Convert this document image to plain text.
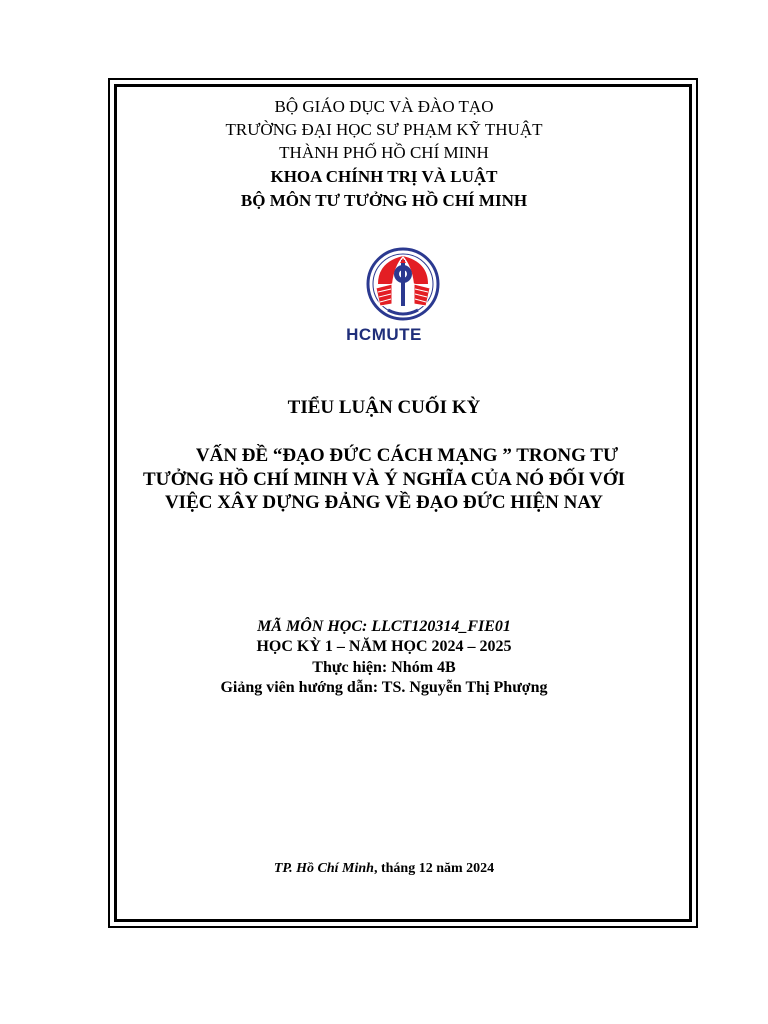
BỘ GIÁO DỤC VÀ ĐÀO TẠO
TRƯỜNG ĐẠI HỌC SƯ PHẠM KỸ THUẬT
THÀNH PHỐ HỒ CHÍ MINH
KHOA CHÍNH TRỊ VÀ LUẬT
BỘ MÔN TƯ TƯỞNG HỒ CHÍ MINH
HCMUTE
TIỂU LUẬN CUỐI KỲ
VẤN ĐỀ “ĐẠO ĐỨC CÁCH MẠNG ” TRONG TƯ
TƯỞNG HỒ CHÍ MINH VÀ Ý NGHĨA CỦA NÓ ĐỐI VỚI
VIỆC XÂY DỰNG ĐẢNG VỀ ĐẠO ĐỨC HIỆN NAY
MÃ MÔN HỌC: LLCT120314_FIE01
HỌC KỲ 1 – NĂM HỌC 2024 – 2025
Thực hiện: Nhóm 4B
Giảng viên hướng dẫn: TS. Nguyễn Thị Phượng
TP. Hồ Chí Minh, tháng 12 năm 2024
